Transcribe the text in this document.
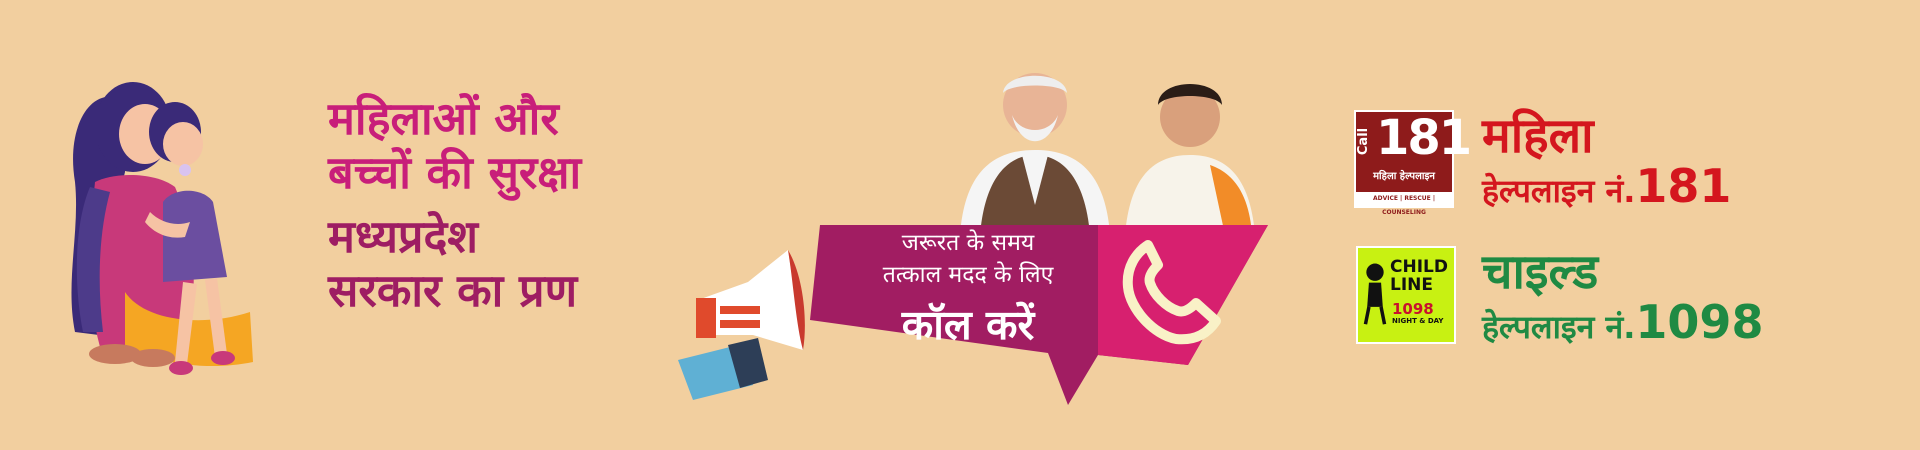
महिलाओं और
बच्चों की सुरक्षा
मध्यप्रदेश
सरकार का प्रण
जरूरत के समय
तत्काल मदद के लिए
कॉल करें
Call 181
महिला हेल्पलाइन
ADVICE | RESCUE | COUNSELING
महिला
हेल्पलाइन नं.181
CHILD LINE
1098
NIGHT & DAY
चाइल्ड
हेल्पलाइन नं.1098
